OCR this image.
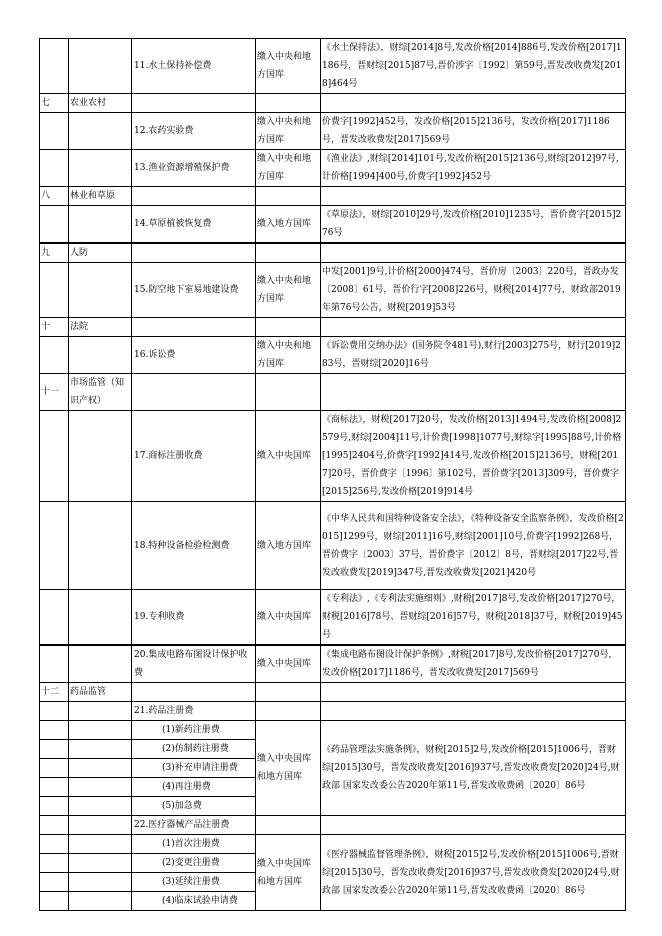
		11.水土保持补偿费	缴入中央和地方国库	《水土保持法》，财综[2014]8号,发改价格[2014]886号,发改价格[2017]1186号，晋财综[2015]87号,晋价涉字〔1992〕第59号,晋发改收费发[2018]464号
七	农业农村			
		12.农药实验费	缴入中央和地方国库	价费字[1992]452号，发改价格[2015]2136号，发改价格[2017]1186号，晋发改收费发[2017]569号
		13.渔业资源增殖保护费	缴入中央和地方国库	《渔业法》,财综[2014]101号,发改价格[2015]2136号,财综[2012]97号,计价格[1994]400号,价费字[1992]452号
八	林业和草原			
		14.草原植被恢复费	缴入地方国库	《草原法》，财综[2010]29号,发改价格[2010]1235号，晋价费字[2015]276号
九	人防			
		15.防空地下室易地建设费	缴入中央和地方国库	中发[2001]9号,计价格[2000]474号，晋价房〔2003〕220号，晋政办发〔2008〕61号，晋价行字[2008]226号，财税[2014]77号，财政部2019年第76号公告，财税[2019]53号
十	法院			
		16.诉讼费	缴入中央和地方国库	《诉讼费用交纳办法》(国务院令481号),财行[2003]275号，财行[2019]283号，晋财综[2020]16号
十一	市场监管（知识产权）			
		17.商标注册收费	缴入中央国库	《商标法》，财税[2017]20号，发改价格[2013]1494号,发改价格[2008]2579号,财综[2004]11号,计价费[1998]1077号,财综字[1995]88号,计价格[1995]2404号,价费字[1992]414号,发改价格[2015]2136号，财税[2017]20号，晋价费字〔1996〕第102号，晋价费字[2013]309号，晋价费字[2015]256号,发改价格[2019]914号
		18.特种设备检验检测费	缴入地方国库	《中华人民共和国特种设备安全法》，《特种设备安全监察条例》，发改价格[2015]1299号，财综[2011]16号,财综[2001]10号,价费字[1992]268号，晋价费字〔2003〕37号，晋价费字〔2012〕8号，晋财综[2017]22号,晋发改收费发[2019]347号,晋发改收费发[2021]420号
		19.专利收费	缴入中央国库	《专利法》,《专利法实施细则》,财税[2017]8号,发改价格[2017]270号，财税[2016]78号、晋财综[2016]57号，财税[2018]37号，财税[2019]45号
		20.集成电路布图设计保护收费	缴入中央国库	《集成电路布图设计保护条例》,财税[2017]8号,发改价格[2017]270号，发改价格[2017]1186号，晋发改收费发[2017]569号
十二	药品监管			
		21.药品注册费		
		(1)新药注册费	缴入中央国库和地方国库	《药品管理法实施条例》，财税[2015]2号,发改价格[2015]1006号，晋财综[2015]30号，晋发改收费发[2016]937号,晋发改收费发[2020]24号,财政部 国家发改委公告2020年第11号,晋发改收费函〔2020〕86号
		(2)仿制药注册费		
		(3)补充申请注册费		
		(4)再注册费		
		(5)加急费		
		22.医疗器械产品注册费		
		(1)首次注册费	缴入中央国库和地方国库	《医疗器械监督管理条例》，财税[2015]2号,发改价格[2015]1006号,晋财综[2015]30号，晋发改收费发[2016]937号,晋发改收费发[2020]24号,财政部 国家发改委公告2020年第11号,晋发改收费函〔2020〕86号
		(2)变更注册费		
		(3)延续注册费		
		(4)临床试验申请费		
